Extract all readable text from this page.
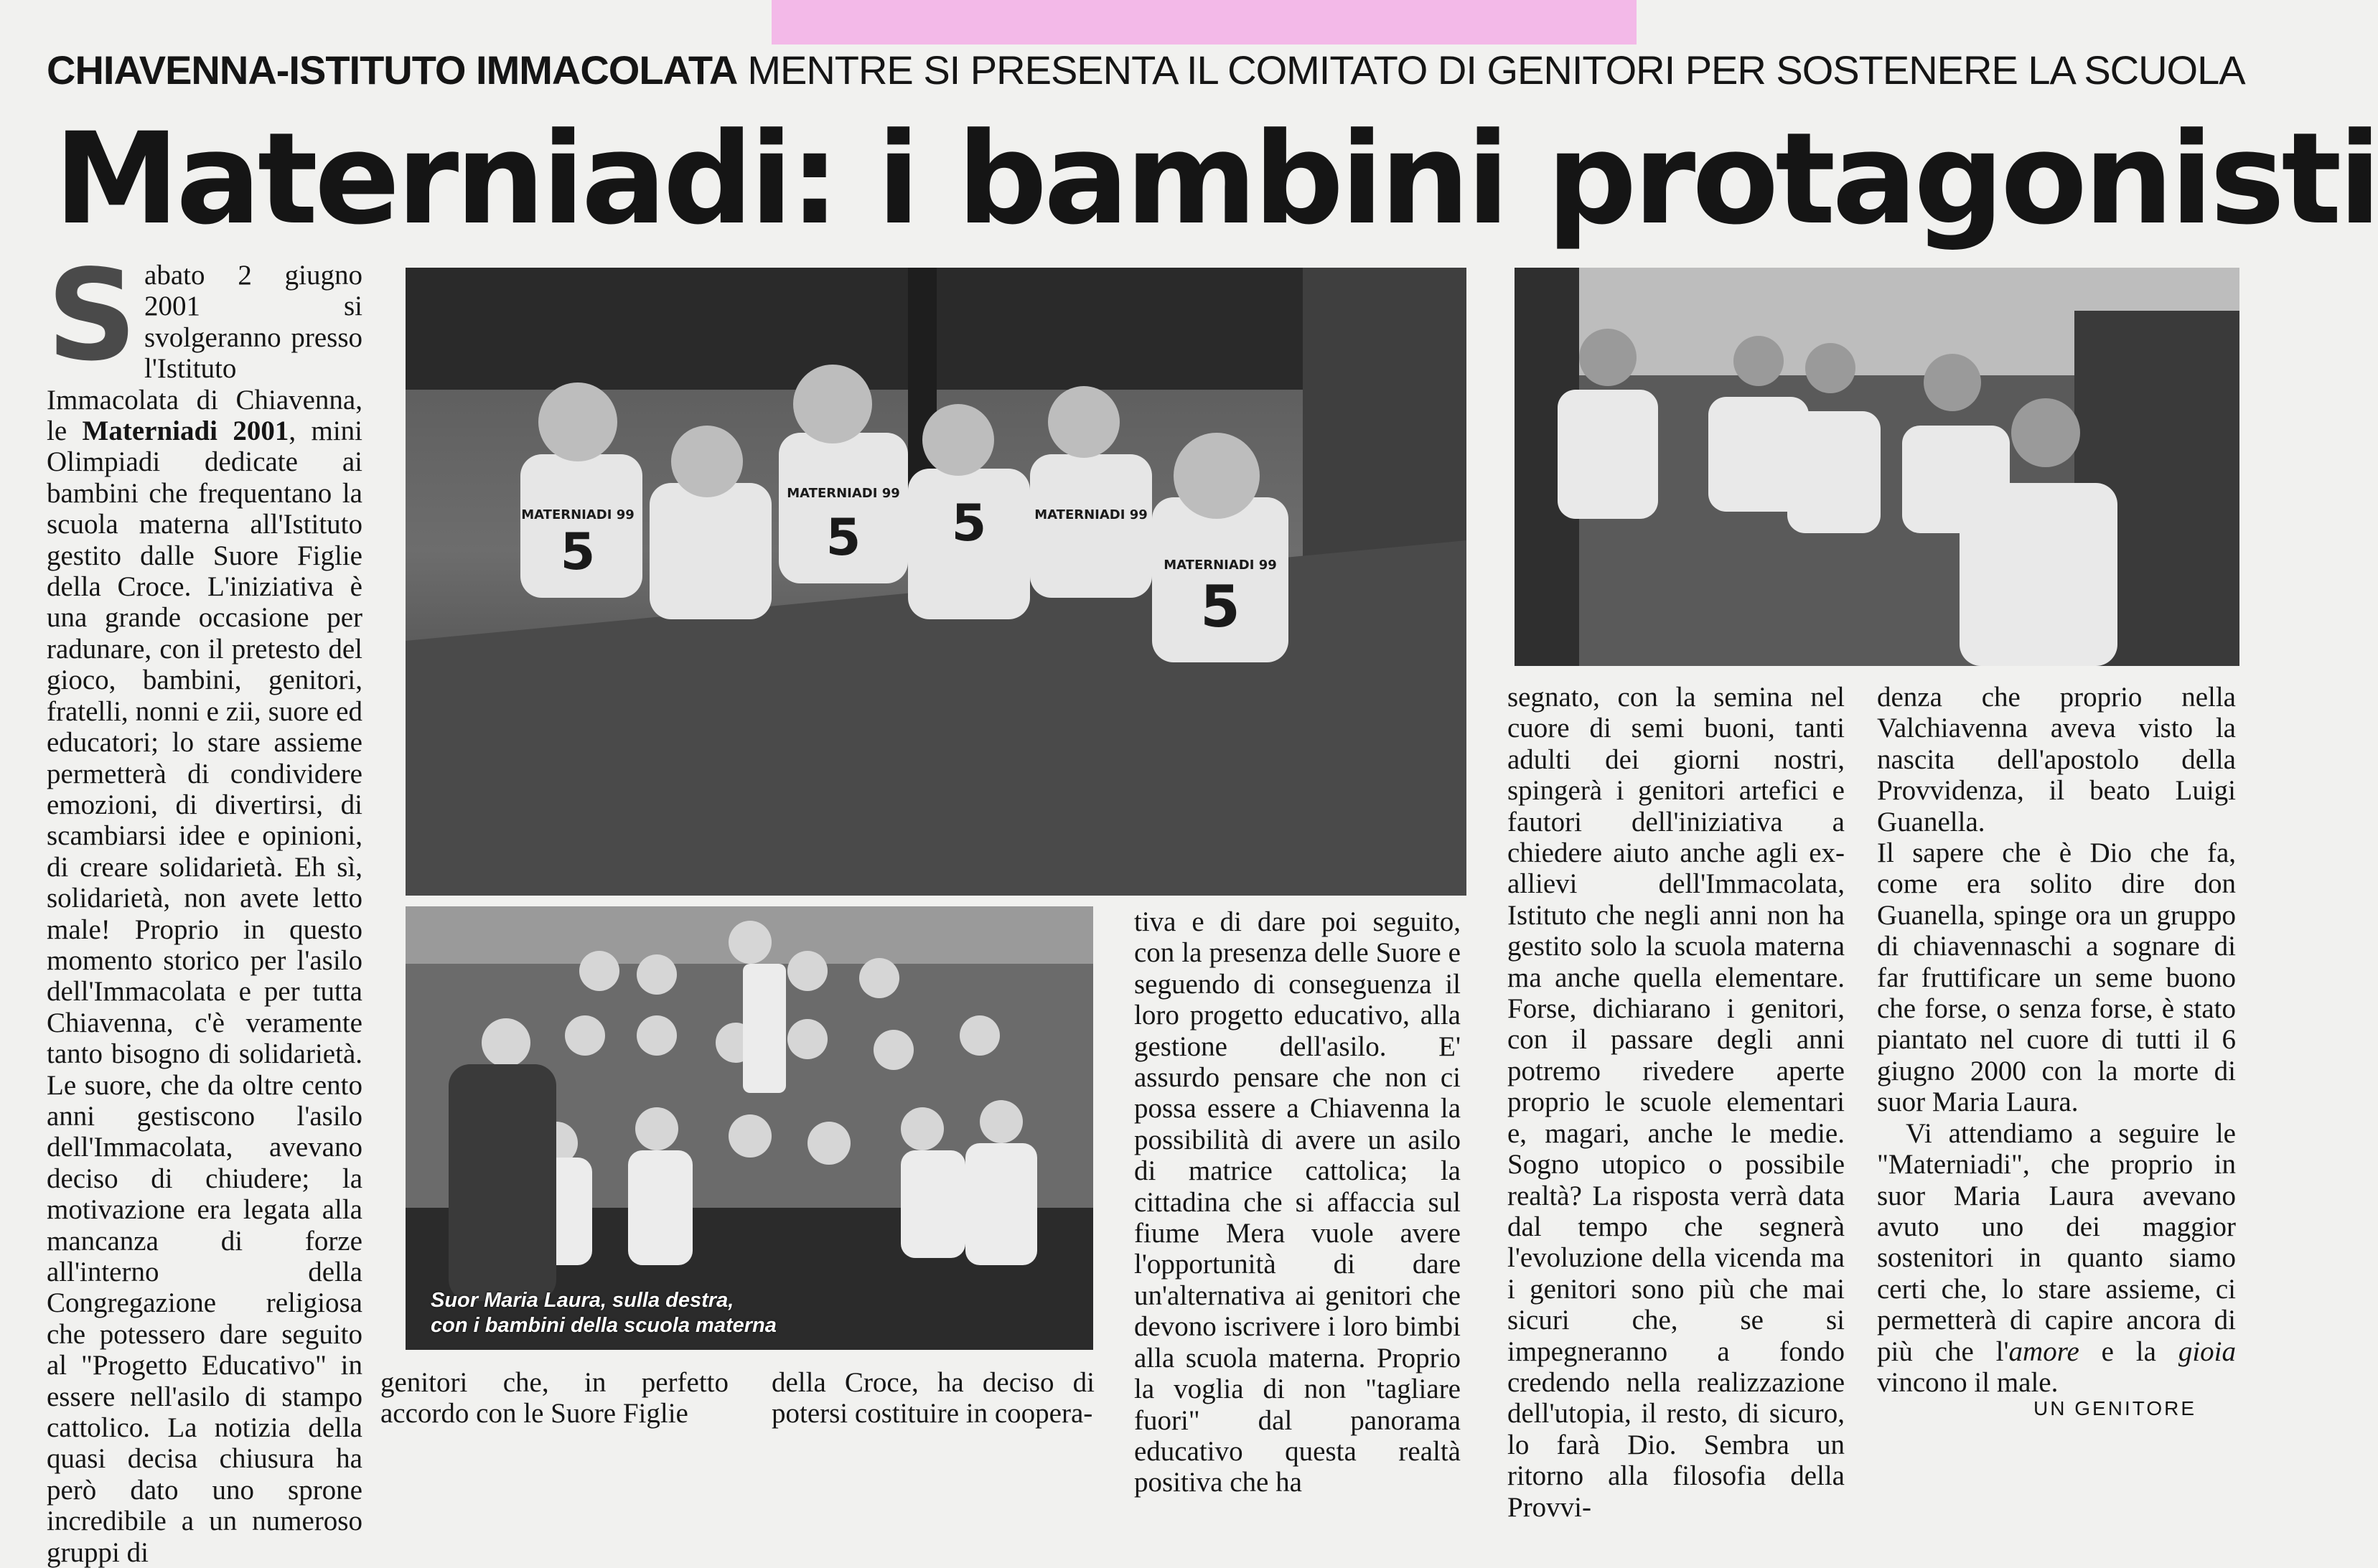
CHIAVENNA-ISTITUTO IMMACOLATA MENTRE SI PRESENTA IL COMITATO DI GENITORI PER SOSTENERE LA SCUOLA
Materniadi: i bambini protagonisti

Sabato 2 giugno 2001 si svolgeranno presso l'Istituto Immacolata di Chiavenna, le Materniadi 2001, mini Olimpiadi dedicate ai bambini che frequentano la scuola materna all'Istituto gestito dalle Suore Figlie della Croce. L'iniziativa è una grande occasione per radunare, con il pretesto del gioco, bambini, genitori, fratelli, nonni e zii, suore ed educatori; lo stare assieme permetterà di condividere emozioni, di divertirsi, di scambiarsi idee e opinioni, di creare solidarietà. Eh sì, solidarietà, non avete letto male! Proprio in questo momento storico per l'asilo dell'Immacolata e per tutta Chiavenna, c'è veramente tanto bisogno di solidarietà. Le suore, che da oltre cento anni gestiscono l'asilo dell'Immacolata, avevano deciso di chiudere; la motivazione era legata alla mancanza di forze all'interno della Congregazione religiosa che potessero dare seguito al "Progetto Educativo" in essere nell'asilo di stampo cattolico. La notizia della quasi decisa chiusura ha però dato uno sprone incredibile a un numeroso gruppi di

MATERNIADI 99
5
MATERNIADI 99
5 5	MATERNIADI 99
MATERNIADI 99
5
Suor Maria Laura, sulla destra,
con i bambini della scuola materna

genitori che, in perfetto accordo con le Suore Figlie

della Croce, ha deciso di potersi costituire in coopera-

tiva e di dare poi seguito, con la presenza delle Suore e seguendo di conseguenza il loro progetto educativo, alla gestione dell'asilo. E' assurdo pensare che non ci possa essere a Chiavenna la possibilità di avere un asilo di matrice cattolica; la cittadina che si affaccia sul fiume Mera vuole avere l'opportunità di dare un'alternativa ai genitori che devono iscrivere i loro bimbi alla scuola materna. Proprio la voglia di non "tagliare fuori" dal panorama educativo questa realtà positiva che ha

segnato, con la semina nel cuore di semi buoni, tanti adulti dei giorni nostri, spingerà i genitori artefici e fautori dell'iniziativa a chiedere aiuto anche agli ex-allievi dell'Immacolata, Istituto che negli anni non ha gestito solo la scuola materna ma anche quella elementare. Forse, dichiarano i genitori, con il passare degli anni potremo rivedere aperte proprio le scuole elementari e, magari, anche le medie. Sogno utopico o possibile realtà? La risposta verrà data dal tempo che segnerà l'evoluzione della vicenda ma i genitori sono più che mai sicuri che, se si impegneranno a fondo credendo nella realizzazione dell'utopia, il resto, di sicuro, lo farà Dio. Sembra un ritorno alla filosofia della Provvi-

denza che proprio nella Valchiavenna aveva visto la nascita dell'apostolo della Provvidenza, il beato Luigi Guanella.

Il sapere che è Dio che fa, come era solito dire don Guanella, spinge ora un gruppo di chiavennaschi a sognare di far fruttificare un seme buono che forse, o senza forse, è stato piantato nel cuore di tutti il 6 giugno 2000 con la morte di suor Maria Laura.

Vi attendiamo a seguire le "Materniadi", che proprio in suor Maria Laura avevano avuto uno dei maggior sostenitori in quanto siamo certi che, lo stare assieme, ci permetterà di capire ancora di più che l'amore e la gioia vincono il male.

UN GENITORE
